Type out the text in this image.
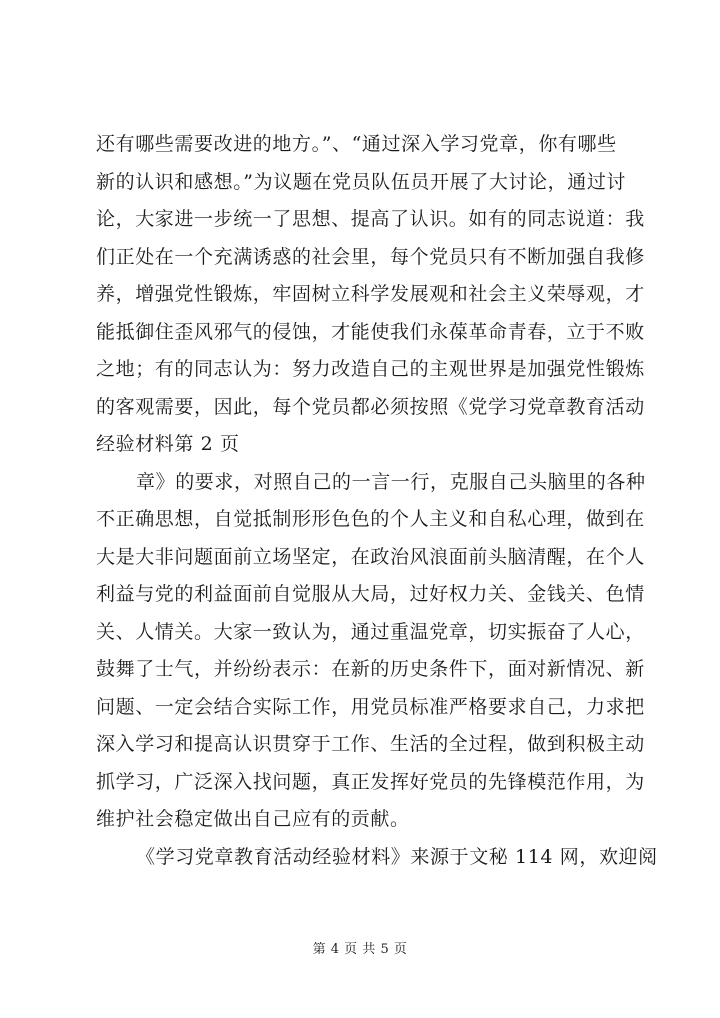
还有哪些需要改进的地方。”、“通过深入学习党章，你有哪些
新的认识和感想。”为议题在党员队伍员开展了大讨论，通过讨
论，大家进一步统一了思想、提高了认识。如有的同志说道：我
们正处在一个充满诱惑的社会里，每个党员只有不断加强自我修
养，增强党性锻炼，牢固树立科学发展观和社会主义荣辱观，才
能抵御住歪风邪气的侵蚀，才能使我们永葆革命青春，立于不败
之地；有的同志认为：努力改造自己的主观世界是加强党性锻炼
的客观需要，因此，每个党员都必须按照《党学习党章教育活动
经验材料第 2 页
章》的要求，对照自己的一言一行，克服自己头脑里的各种
不正确思想，自觉抵制形形色色的个人主义和自私心理，做到在
大是大非问题面前立场坚定，在政治风浪面前头脑清醒，在个人
利益与党的利益面前自觉服从大局，过好权力关、金钱关、色情
关、人情关。大家一致认为，通过重温党章，切实振奋了人心，
鼓舞了士气，并纷纷表示：在新的历史条件下，面对新情况、新
问题、一定会结合实际工作，用党员标准严格要求自己，力求把
深入学习和提高认识贯穿于工作、生活的全过程，做到积极主动
抓学习，广泛深入找问题，真正发挥好党员的先锋模范作用，为
维护社会稳定做出自己应有的贡献。
《学习党章教育活动经验材料》来源于文秘 114 网，欢迎阅
第 4 页 共 5 页
